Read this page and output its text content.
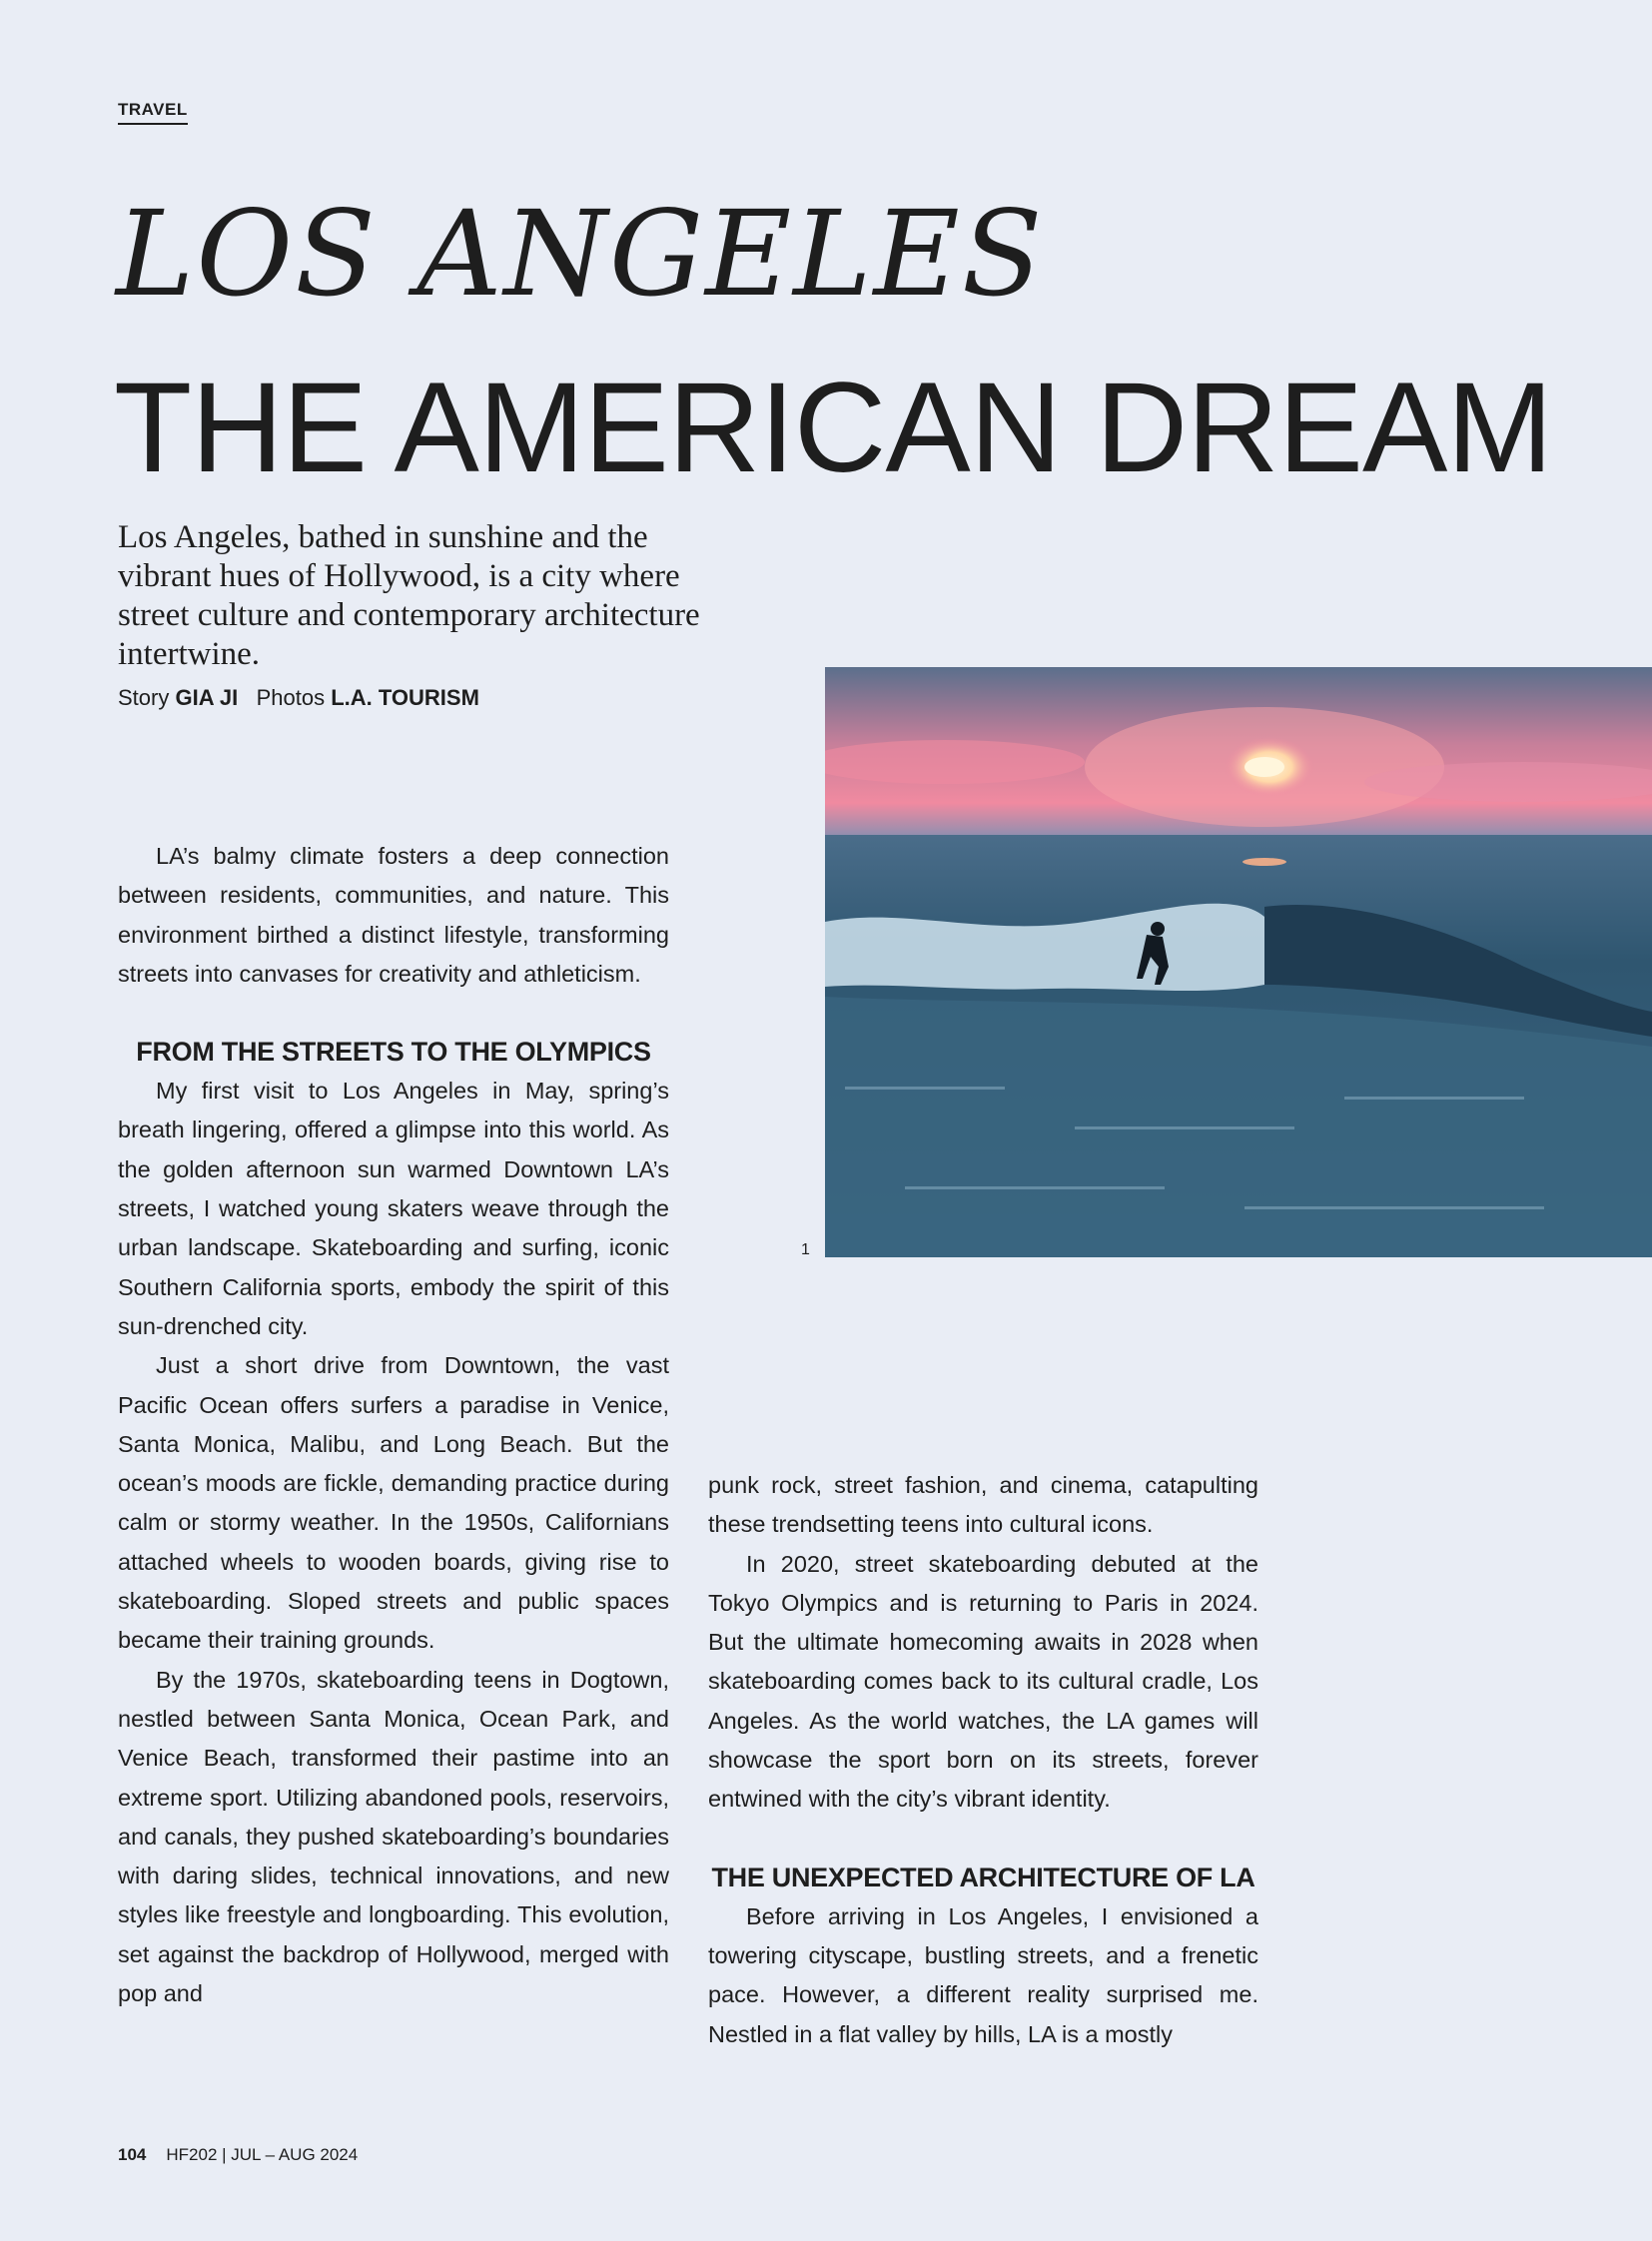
TRAVEL
LOS ANGELES
THE AMERICAN DREAM
Los Angeles, bathed in sunshine and the vibrant hues of Hollywood, is a city where street culture and contemporary architecture intertwine.
Story GIA JI Photos L.A. TOURISM
1

LA’s balmy climate fosters a deep connection between residents, communities, and nature. This environment birthed a distinct lifestyle, transforming streets into canvases for creativity and athleticism.

FROM THE STREETS TO THE OLYMPICS

My first visit to Los Angeles in May, spring’s breath lingering, offered a glimpse into this world. As the golden afternoon sun warmed Downtown LA’s streets, I watched young skaters weave through the urban landscape. Skateboarding and surfing, iconic Southern California sports, embody the spirit of this sun-drenched city.

Just a short drive from Downtown, the vast Pacific Ocean offers surfers a paradise in Venice, Santa Monica, Malibu, and Long Beach. But the ocean’s moods are fickle, demanding practice during calm or stormy weather. In the 1950s, Californians attached wheels to wooden boards, giving rise to skateboarding. Sloped streets and public spaces became their training grounds.

By the 1970s, skateboarding teens in Dogtown, nestled between Santa Monica, Ocean Park, and Venice Beach, transformed their pastime into an extreme sport. Utilizing abandoned pools, reservoirs, and canals, they pushed skateboarding’s boundaries with daring slides, technical innovations, and new styles like freestyle and longboarding. This evolution, set against the backdrop of Hollywood, merged with pop and

punk rock, street fashion, and cinema, catapulting these trendsetting teens into cultural icons.

In 2020, street skateboarding debuted at the Tokyo Olympics and is returning to Paris in 2024. But the ultimate homecoming awaits in 2028 when skateboarding comes back to its cultural cradle, Los Angeles. As the world watches, the LA games will showcase the sport born on its streets, forever entwined with the city’s vibrant identity.

THE UNEXPECTED ARCHITECTURE OF LA

Before arriving in Los Angeles, I envisioned a towering cityscape, bustling streets, and a frenetic pace. However, a different reality surprised me. Nestled in a flat valley by hills, LA is a mostly

104 HF202 | JUL – AUG 2024
